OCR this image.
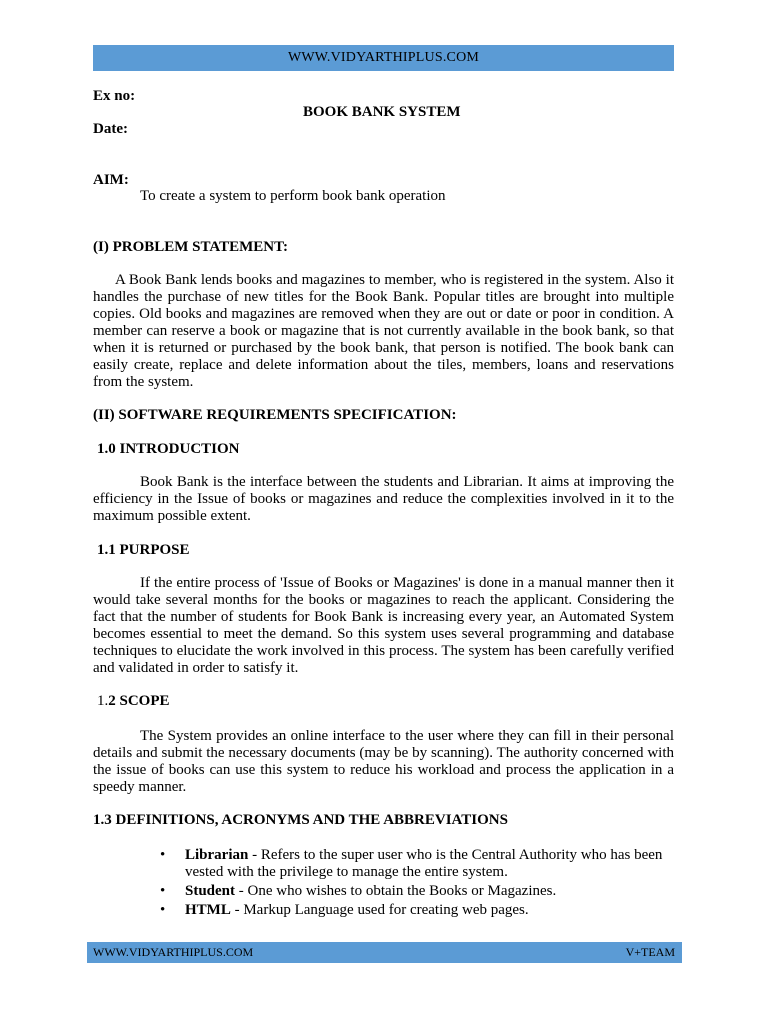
WWW.VIDYARTHIPLUS.COM
Ex no:
BOOK BANK SYSTEM
Date:
AIM:
To create a system to perform book bank operation
(I) PROBLEM STATEMENT:
A Book Bank lends books and magazines to member, who is registered in the system. Also it handles the purchase of new titles for the Book Bank. Popular titles are brought into multiple copies. Old books and magazines are removed when they are out or date or poor in condition. A member can reserve a book or magazine that is not currently available in the book bank, so that when it is returned or purchased by the book bank, that person is notified. The book bank can easily create, replace and delete information about the tiles, members, loans and reservations from the system.
(II) SOFTWARE REQUIREMENTS SPECIFICATION:
1.0 INTRODUCTION
Book Bank is the interface between the students and Librarian. It aims at improving the efficiency in the Issue of books or magazines and reduce the complexities involved in it to the maximum possible extent.
1.1 PURPOSE
If the entire process of 'Issue of Books or Magazines' is done in a manual manner then it would take several months for the books or magazines to reach the applicant. Considering the fact that the number of students for Book Bank is increasing every year, an Automated System becomes essential to meet the demand. So this system uses several programming and database techniques to elucidate the work involved in this process. The system has been carefully verified and validated in order to satisfy it.
1.2 SCOPE
The System provides an online interface to the user where they can fill in their personal details and submit the necessary documents (may be by scanning). The authority concerned with the issue of books can use this system to reduce his workload and process the application in a speedy manner.
1.3 DEFINITIONS, ACRONYMS AND THE ABBREVIATIONS
• Librarian - Refers to the super user who is the Central Authority who has been vested with the privilege to manage the entire system.
• Student - One who wishes to obtain the Books or Magazines.
• HTML - Markup Language used for creating web pages.
WWW.VIDYARTHIPLUS.COM	V+TEAM
